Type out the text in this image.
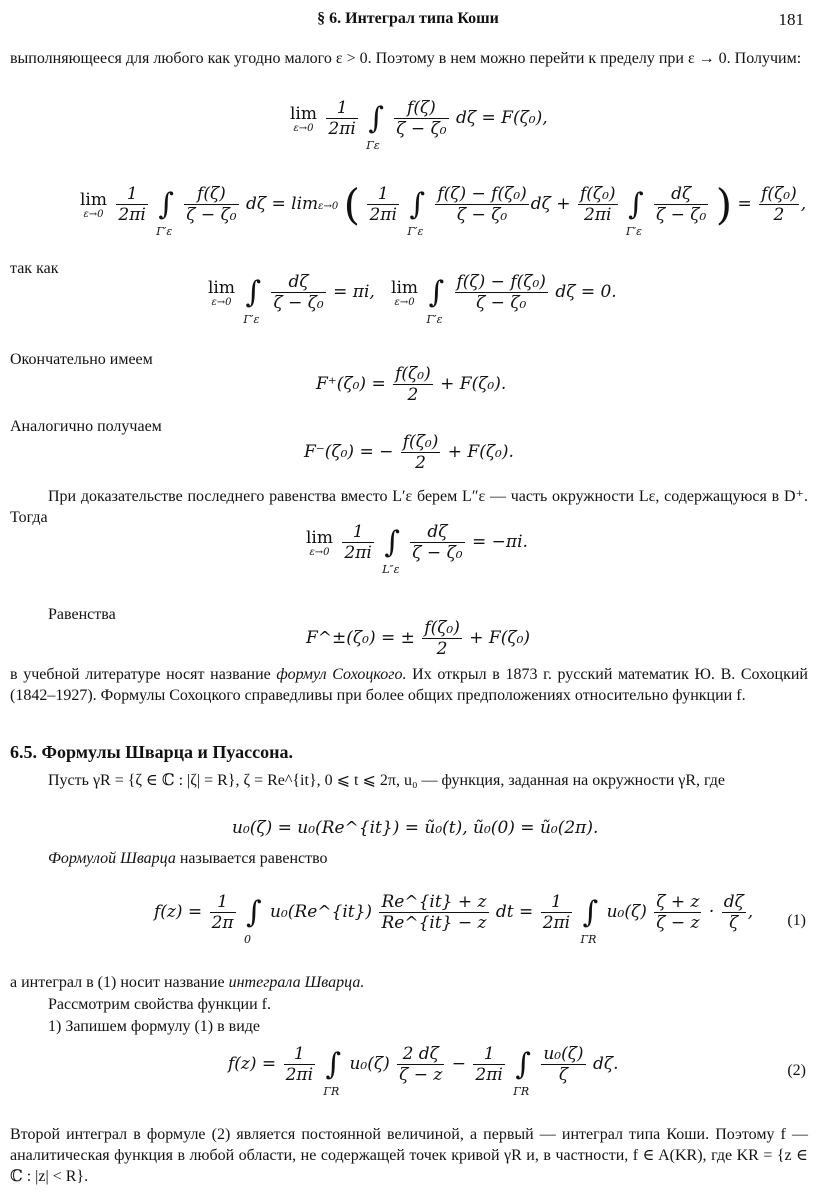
§ 6. Интеграл типа Коши	181
выполняющееся для любого как угодно малого ε > 0. Поэтому в нем можно перейти к пределу при ε → 0. Получим:
lim
ε→0
$\frac{1}{2\pi i}$ ∫
Γε

$\frac{f(\zeta)}{\text{ζ − ζ₀}}$ dζ = F(ζ₀),
lim
ε→0
$\frac{1}{2\pi i}$ ∫
Γ′ε

$\frac{f(\zeta)}{\text{ζ − ζ₀}}$ dζ = limε→0 ( $\frac{1}{2\pi i}$ ∫
Γ′ε

$\frac{\text{f(ζ) − f(ζ₀)}}{\text{ζ − ζ₀}}$ $d\zeta + \frac{\text{f(ζ₀)}}{2\pi i}$ ∫
Γ′ε

$\frac{d\zeta}{\text{ζ − ζ₀}}$ ) = $\frac{\text{f(ζ₀)}}{2}$ ,
так как
lim
ε→0 ∫
Γ′ε

$\frac{d\zeta}{\text{ζ − ζ₀}} = \pi i$, lim
ε→0 ∫
Γ′ε

$\frac{\text{f(ζ) − f(ζ₀)}}{\text{ζ − ζ₀}}$ dζ = 0.
Окончательно имеем
$F^+(\zeta_0) = \frac{\text{f(ζ₀)}}{2} + F(\zeta_0)$.
Аналогично получаем
F⁻(ζ₀) = − $\frac{\text{f(ζ₀)}}{2} + F(\zeta_0)$.
При доказательстве последнего равенства вместо L′ε берем L″ε — часть окружности Lε, содержащуюся в D⁺. Тогда
lim
ε→0
$\frac{1}{2\pi i}$ ∫
L″ε

$\frac{d\zeta}{\text{ζ − ζ₀}} = -\pi i$.
Равенства
F^±(ζ₀) = ± $\frac{\text{f(ζ₀)}}{2} + F(\zeta_0)$
в учебной литературе носят название формул Сохоцкого. Их открыл в 1873 г. русский математик Ю. В. Сохоцкий (1842–1927). Формулы Сохоцкого справедливы при более общих предположениях относительно функции f.
6.5. Формулы Шварца и Пуассона.
Пусть γR = {ζ ∈ ℂ : |ζ| = R}, ζ = Re^{it}, 0 ⩽ t ⩽ 2π, u₀ — функция, заданная на окружности γR, где
u₀(ζ) = u₀(Re^{it}) = ũ₀(t), ũ₀(0) = ũ₀(2π).
Формулой Шварца называется равенство
$f(z) = \frac{1}{2\pi}$ ∫
0
u₀(Re^{it}) $\frac{Re\^{}\{it\} + z}{Re\^{}\{it\} - z}$ dt = $\frac{1}{2\pi i}$ ∫
ΓR
$u_0(\zeta) \frac{\zeta + z}{\zeta - z} \cdot \frac{d\zeta}{\zeta}$ , (1)
а интеграл в (1) носит название интеграла Шварца.
Рассмотрим свойства функции f.
1) Запишем формулу (1) в виде
$f(z) = \frac{1}{2\pi i}$ ∫
ΓR
$u_0(\zeta) \frac{2 d\zeta}{\zeta - z} - \frac{1}{2\pi i}$ ∫
ΓR

$\frac{\text{u₀(ζ)}}{\zeta} d\zeta$.	(2)
Второй интеграл в формуле (2) является постоянной величиной, а первый — интеграл типа Коши. Поэтому f — аналитическая функция в любой области, не содержащей точек кривой γR и, в частности, f ∈ A(KR), где KR = {z ∈ ℂ : |z| < R}.
